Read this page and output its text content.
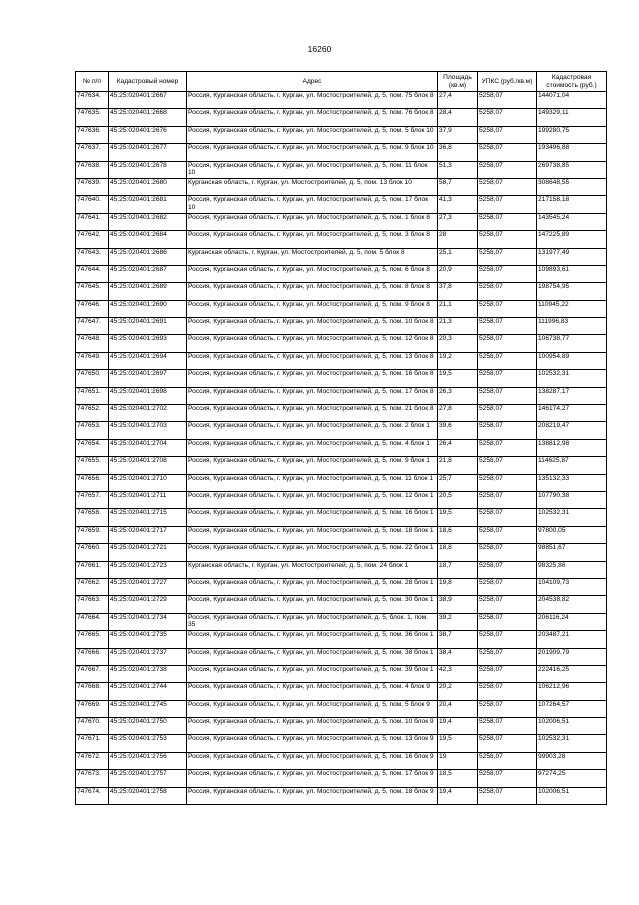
16260
№ п/п	Кадастровый номер	Адрес	Площадь (кв.м)	УПКС (руб./кв.м)	Кадастровая стоимость (руб.)
747634.	45:25:020401:2667	Россия, Курганская область, г. Курган, ул. Мостостроителей, д. 5, пом. 75 блок 8	27,4	5258,07	144071,04
747635.	45:25:020401:2668	Россия, Курганская область, г. Курган, ул. Мостостроителей, д. 5, пом. 76 блок 8	28,4	5258,07	149329,11
747636.	45:25:020401:2676	Россия, Курганская область, г. Курган, ул. Мостостроителей, д. 5, пом. 5 блок 10	37,9	5258,07	199280,75
747637.	45:25:020401:2677	Россия, Курганская область, г. Курган, ул. Мостостроителей, д. 5, пом. 9 блок 10	36,8	5258,07	193496,88
747638.	45:25:020401:2678	Россия, Курганская область, г. Курган, ул. Мостостроителей, д. 5, пом. 11 блок 10	51,3	5258,07	269738,85
747639.	45:25:020401:2680	Курганская область, г. Курган, ул. Мостостроителей, д. 5, пом. 13 блок 10	58,7	5258,07	308648,55
747640.	45:25:020401:2681	Россия, Курганская область, г. Курган, ул. Мостостроителей, д. 5, пом. 17 блок 10	41,3	5258,07	217158,18
747641.	45:25:020401:2682	Россия, Курганская область, г. Курган, ул. Мостостроителей, д. 5, пом. 1 блок 8	27,3	5258,07	143545,24
747642.	45:25:020401:2684	Россия, Курганская область, г. Курган, ул. Мостостроителей, д. 5, пом. 3 блок 8	28	5258,07	147225,89
747643.	45:25:020401:2686	Курганская область, г. Курган, ул. Мостостроителей, д. 5, пом. 5 блок 8	25,1	5258,07	131977,49
747644.	45:25:020401:2687	Россия, Курганская область, г. Курган, ул. Мостостроителей, д. 5, пом. 6 блок 8	20,9	5258,07	109893,61
747645.	45:25:020401:2689	Россия, Курганская область, г. Курган, ул. Мостостроителей, д. 5, пом. 8 блок 8	37,8	5258,07	198754,95
747646.	45:25:020401:2690	Россия, Курганская область, г. Курган, ул. Мостостроителей, д. 5, пом. 9 блок 8	21,1	5258,07	110945,22
747647.	45:25:020401:2691	Россия, Курганская область, г. Курган, ул. Мостостроителей, д. 5, пом. 10 блок 8	21,3	5258,07	111996,83
747648.	45:25:020401:2693	Россия, Курганская область, г. Курган, ул. Мостостроителей, д. 5, пом. 12 блок 8	20,3	5258,07	106738,77
747649.	45:25:020401:2694	Россия, Курганская область, г. Курган, ул. Мостостроителей, д. 5, пом. 13 блок 8	19,2	5258,07	100954,89
747650.	45:25:020401:2697	Россия, Курганская область, г. Курган, ул. Мостостроителей, д. 5, пом. 16 блок 8	19,5	5258,07	102532,31
747651.	45:25:020401:2698	Россия, Курганская область, г. Курган, ул. Мостостроителей, д. 5, пом. 17 блок 8	26,3	5258,07	138287,17
747652.	45:25:020401:2702	Россия, Курганская область, г. Курган, ул. Мостостроителей, д. 5, пом. 21 блок 8	27,8	5258,07	146174,27
747653.	45:25:020401:2703	Россия, Курганская область, г. Курган, ул. Мостостроителей, д. 5, пом. 2 блок 1	39,6	5258,07	208219,47
747654.	45:25:020401:2704	Россия, Курганская область, г. Курган, ул. Мостостроителей, д. 5, пом. 4 блок 1	26,4	5258,07	138812,98
747655.	45:25:020401:2708	Россия, Курганская область, г. Курган, ул. Мостостроителей, д. 5, пом. 9 блок 1	21,8	5258,07	114625,87
747656.	45:25:020401:2710	Россия, Курганская область, г. Курган, ул. Мостостроителей, д. 5, пом. 11 блок 1	25,7	5258,07	135132,33
747657.	45:25:020401:2711	Россия, Курганская область, г. Курган, ул. Мостостроителей, д. 5, пом. 12 блок 1	20,5	5258,07	107790,38
747658.	45:25:020401:2715	Россия, Курганская область, г. Курган, ул. Мостостроителей, д. 5, пом. 16 блок 1	19,5	5258,07	102532,31
747659.	45:25:020401:2717	Россия, Курганская область, г. Курган, ул. Мостостроителей, д. 5, пом. 18 блок 1	18,6	5258,07	97800,05
747660.	45:25:020401:2721	Россия, Курганская область, г. Курган, ул. Мостостроителей, д. 5, пом. 22 блок 1	18,8	5258,07	98851,67
747661.	45:25:020401:2723	Курганская область, г. Курган, ул. Мостостроителей, д. 5, пом. 24 блок 1	18,7	5258,07	98325,86
747662.	45:25:020401:2727	Россия, Курганская область, г. Курган, ул. Мостостроителей, д. 5, пом. 28 блок 1	19,8	5258,07	104109,73
747663.	45:25:020401:2729	Россия, Курганская область, г. Курган, ул. Мостостроителей, д. 5, пом. 30 блок 1	38,9	5258,07	204538,82
747664.	45:25:020401:2734	Россия, Курганская область, г. Курган, ул. Мостостроителей, д. 5, блок. 1, пом. 35	39,2	5258,07	206116,24
747665.	45:25:020401:2735	Россия, Курганская область, г. Курган, ул. Мостостроителей, д. 5, пом. 36 блок 1	38,7	5258,07	203487,21
747666.	45:25:020401:2737	Россия, Курганская область, г. Курган, ул. Мостостроителей, д. 5, пом. 38 блок 1	38,4	5258,07	201909,79
747667.	45:25:020401:2738	Россия, Курганская область, г. Курган, ул. Мостостроителей, д. 5, пом. 39 блок 1	42,3	5258,07	222416,25
747668.	45:25:020401:2744	Россия, Курганская область, г. Курган, ул. Мостостроителей, д. 5, пом. 4 блок 9	20,2	5258,07	106212,96
747669.	45:25:020401:2745	Россия, Курганская область, г. Курган, ул. Мостостроителей, д. 5, пом. 5 блок 9	20,4	5258,07	107264,57
747670.	45:25:020401:2750	Россия, Курганская область, г. Курган, ул. Мостостроителей, д. 5, пом. 10 блок 9	19,4	5258,07	102006,51
747671.	45:25:020401:2753	Россия, Курганская область, г. Курган, ул. Мостостроителей, д. 5, пом. 13 блок 9	19,5	5258,07	102532,31
747672.	45:25:020401:2756	Россия, Курганская область, г. Курган, ул. Мостостроителей, д. 5, пом. 16 блок 9	19	5258,07	99903,28
747673.	45:25:020401:2757	Россия, Курганская область, г. Курган, ул. Мостостроителей, д. 5, пом. 17 блок 9	18,5	5258,07	97274,25
747674.	45:25:020401:2758	Россия, Курганская область, г. Курган, ул. Мостостроителей, д. 5, пом. 18 блок 9	19,4	5258,07	102006,51
